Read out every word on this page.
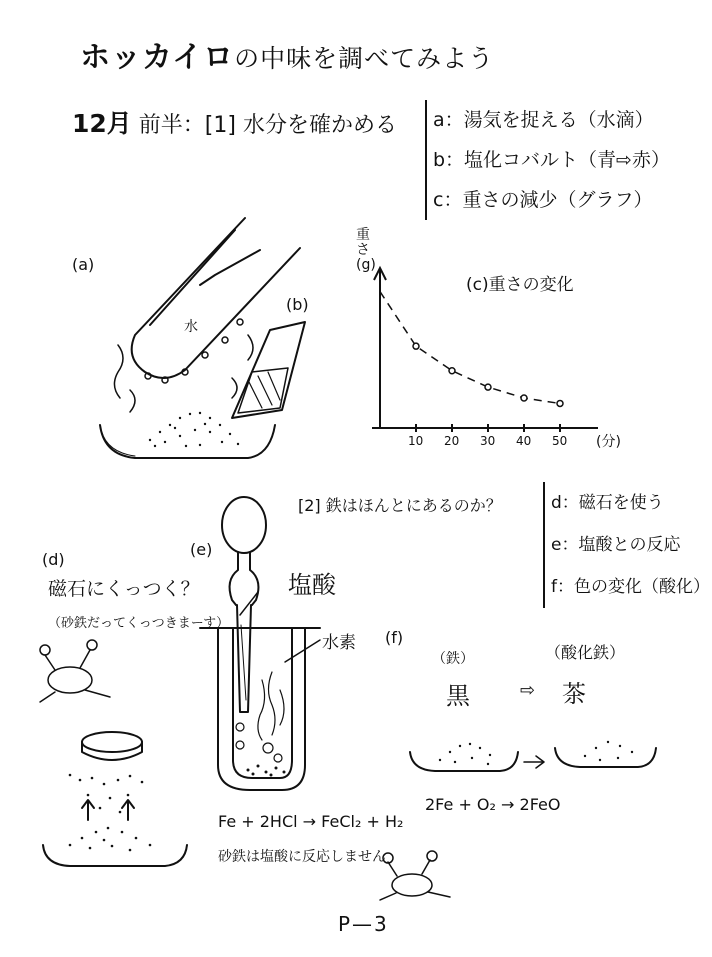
ホッカイロの中味を調べてみよう
12月 前半：[1] 水分を確かめる a：湯気を捉える（水滴）
b：塩化コバルト（青⇨赤）
c：重さの減少（グラフ）
(a)
水
(b)
重さ(g)
(c)重さの変化
(分)
10 20 30 40 50
[2] 鉄はほんとにあるのか？	d：磁石を使う
e：塩酸との反応
f：色の変化（酸化）
(d)
磁石にくっつく？
（砂鉄だってくっつきまーす）
(e)
塩酸
水素
Fe + 2HCl → FeCl₂ + H₂
砂鉄は塩酸に反応しません
(f)
（鉄）	（酸化鉄）
黒	⇨ 茶
2Fe + O₂ → 2FeO
P—3
